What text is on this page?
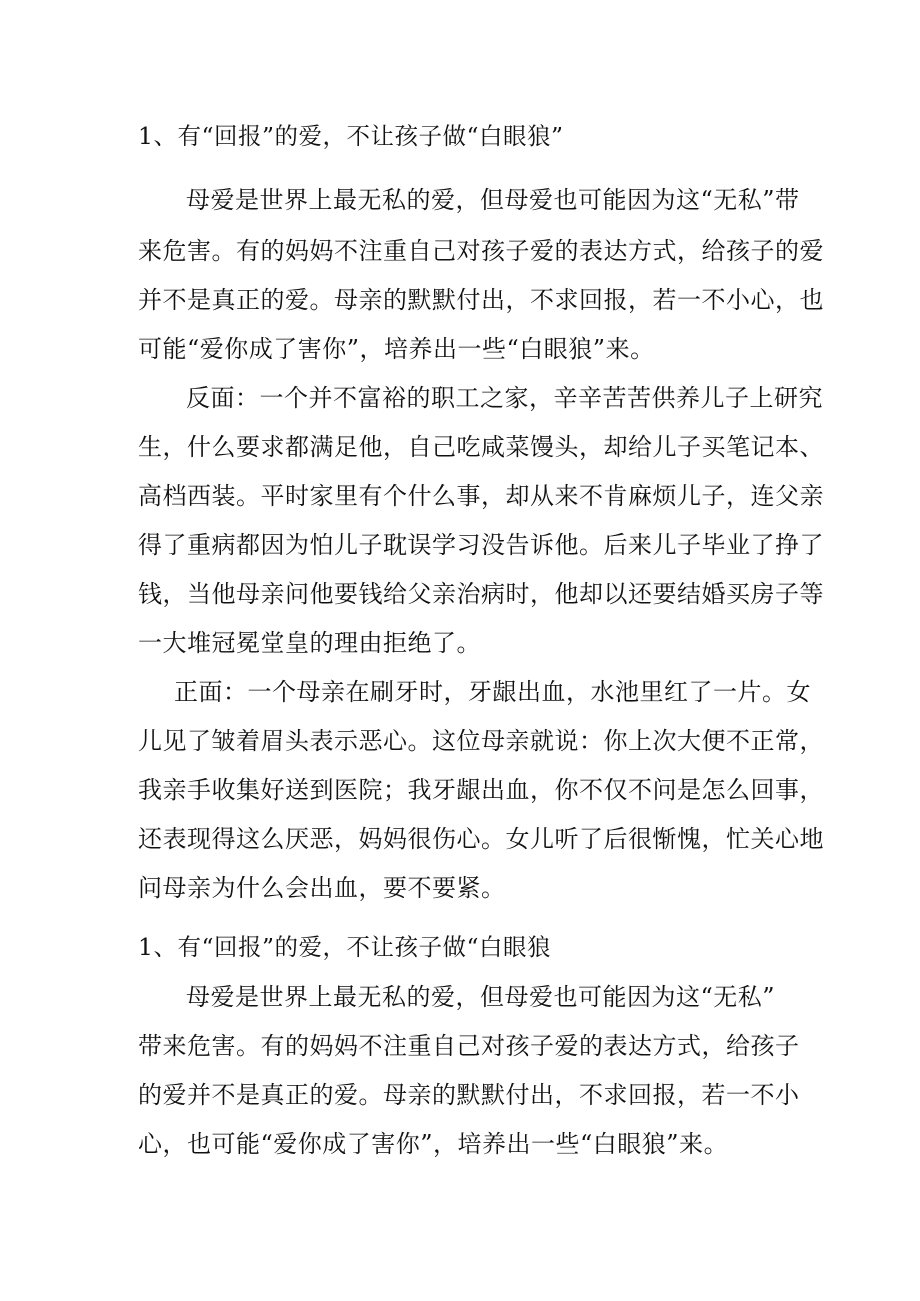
1、有“回报”的爱，不让孩子做“白眼狼”

母爱是世界上最无私的爱，但母爱也可能因为这“无私”带

来危害。有的妈妈不注重自己对孩子爱的表达方式，给孩子的爱

并不是真正的爱。母亲的默默付出，不求回报，若一不小心，也

可能“爱你成了害你”，培养出一些“白眼狼”来。

反面：一个并不富裕的职工之家，辛辛苦苦供养儿子上研究

生，什么要求都满足他，自己吃咸菜馒头，却给儿子买笔记本、

高档西装。平时家里有个什么事，却从来不肯麻烦儿子，连父亲

得了重病都因为怕儿子耽误学习没告诉他。后来儿子毕业了挣了

钱，当他母亲问他要钱给父亲治病时，他却以还要结婚买房子等

一大堆冠冕堂皇的理由拒绝了。

正面：一个母亲在刷牙时，牙龈出血，水池里红了一片。女

儿见了皱着眉头表示恶心。这位母亲就说：你上次大便不正常，

我亲手收集好送到医院；我牙龈出血，你不仅不问是怎么回事，

还表现得这么厌恶，妈妈很伤心。女儿听了后很惭愧，忙关心地

问母亲为什么会出血，要不要紧。

1、有“回报”的爱，不让孩子做“白眼狼

母爱是世界上最无私的爱，但母爱也可能因为这“无私”

带来危害。有的妈妈不注重自己对孩子爱的表达方式，给孩子

的爱并不是真正的爱。母亲的默默付出，不求回报，若一不小

心，也可能“爱你成了害你”，培养出一些“白眼狼”来。
